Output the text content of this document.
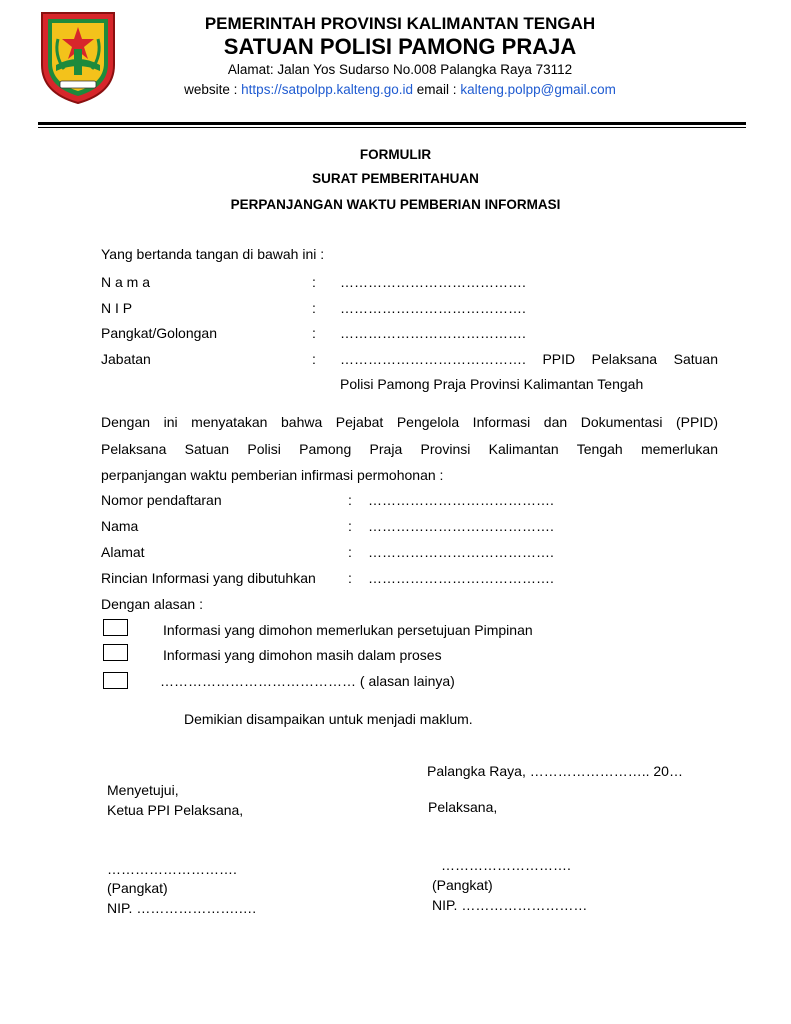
PEMERINTAH PROVINSI KALIMANTAN TENGAH
SATUAN POLISI PAMONG PRAJA
Alamat: Jalan Yos Sudarso No.008 Palangka Raya 73112
website : https://satpolpp.kalteng.go.id email : kalteng.polpp@gmail.com
FORMULIR
SURAT PEMBERITAHUAN
PERPANJANGAN WAKTU PEMBERIAN INFORMASI
Yang bertanda tangan di bawah ini :
N a m a	: ………………………………….
N I P	: ………………………………….
Pangkat/Golongan	: ………………………………….
Jabatan	: …………………………………. PPID Pelaksana Satuan
Polisi Pamong Praja Provinsi Kalimantan Tengah
Dengan ini menyatakan bahwa Pejabat Pengelola Informasi dan Dokumentasi (PPID)
Pelaksana Satuan Polisi Pamong Praja Provinsi Kalimantan Tengah memerlukan
perpanjangan waktu pemberian infirmasi permohonan :
Nomor pendaftaran	: ………………………………….
Nama	: ………………………………….
Alamat	: ………………………………….
Rincian Informasi yang dibutuhkan : ………………………………….
Dengan alasan :
Informasi yang dimohon memerlukan persetujuan Pimpinan
Informasi yang dimohon masih dalam proses
…………………………………… ( alasan lainya)
Demikian disampaikan untuk menjadi maklum.
Palangka Raya, …………………….. 20…
Menyetujui,
Ketua PPI Pelaksana,	Pelaksana,
……………………….
(Pangkat)
NIP. ………………….….
……………………….
(Pangkat)
NIP. ………………………
